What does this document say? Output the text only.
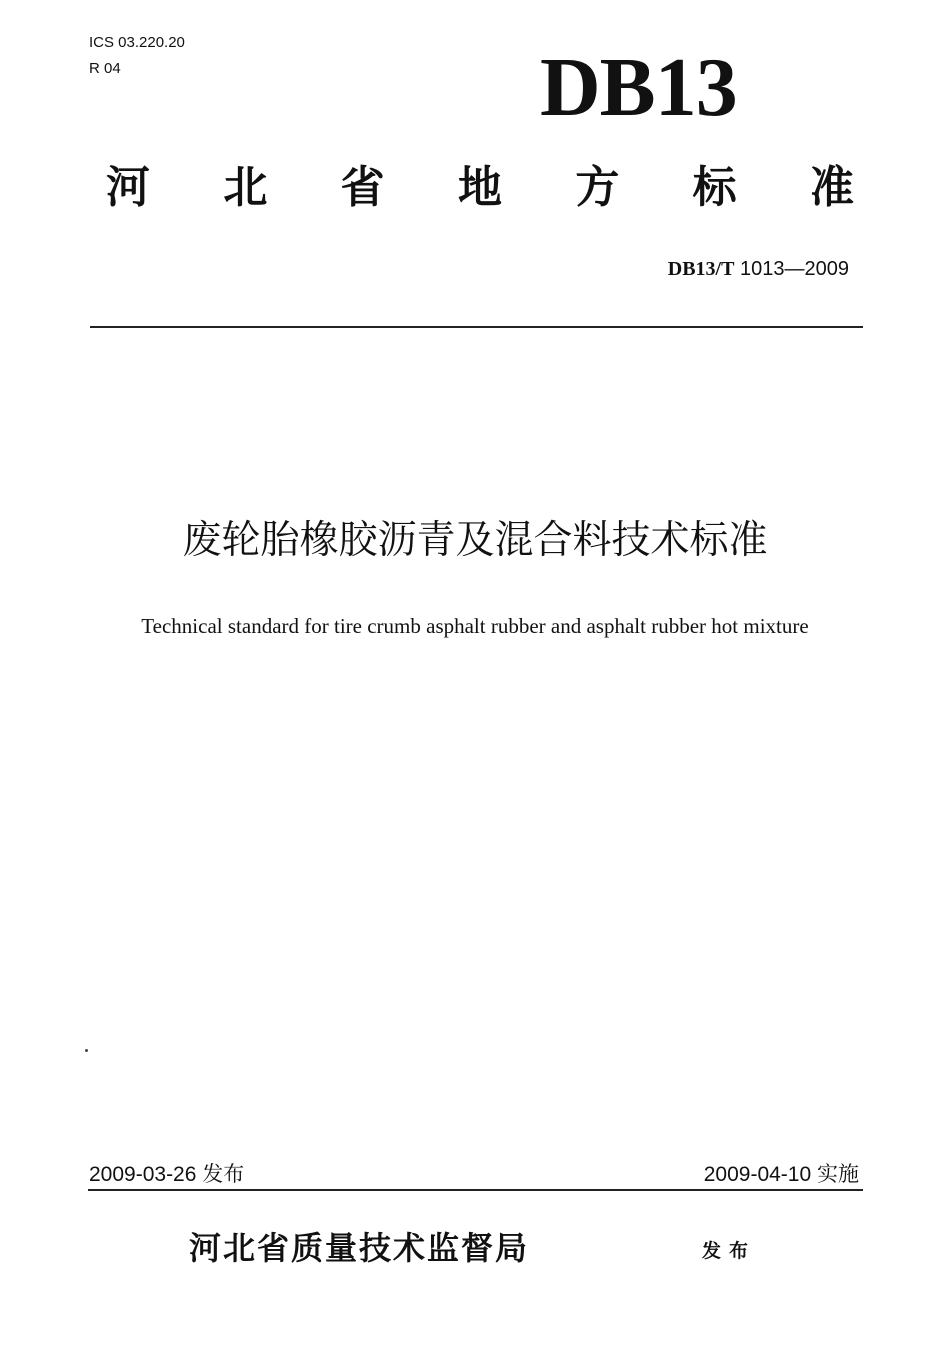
ICS 03.220.20
R 04	DB13
河 北 省 地 方 标 准
DB13/T 1013—2009
废轮胎橡胶沥青及混合料技术标准
Technical standard for tire crumb asphalt rubber and asphalt rubber hot mixture
2009-03-26 发布	2009-04-10 实施
河北省质量技术监督局	发布
